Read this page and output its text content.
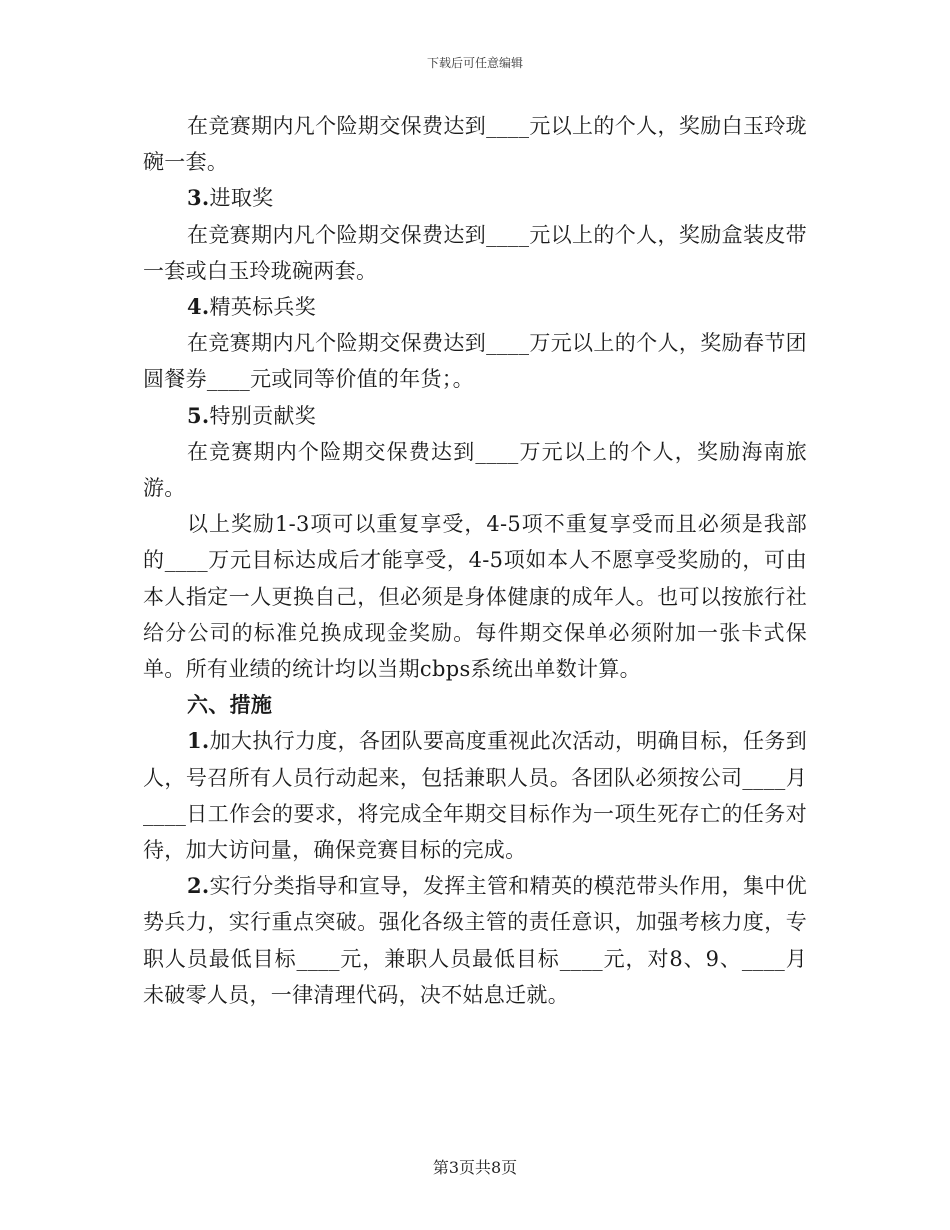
下载后可任意编辑

在竞赛期内凡个险期交保费达到____元以上的个人，奖励白玉玲珑碗一套。

3.进取奖

在竞赛期内凡个险期交保费达到____元以上的个人，奖励盒装皮带一套或白玉玲珑碗两套。

4.精英标兵奖

在竞赛期内凡个险期交保费达到____万元以上的个人，奖励春节团圆餐券____元或同等价值的年货；。

5.特别贡献奖

在竞赛期内个险期交保费达到____万元以上的个人，奖励海南旅游。

以上奖励1-3项可以重复享受，4-5项不重复享受而且必须是我部的____万元目标达成后才能享受，4-5项如本人不愿享受奖励的，可由本人指定一人更换自己，但必须是身体健康的成年人。也可以按旅行社给分公司的标准兑换成现金奖励。每件期交保单必须附加一张卡式保单。所有业绩的统计均以当期cbps系统出单数计算。

六、措施

1.加大执行力度，各团队要高度重视此次活动，明确目标，任务到人，号召所有人员行动起来，包括兼职人员。各团队必须按公司____月____日工作会的要求，将完成全年期交目标作为一项生死存亡的任务对待，加大访问量，确保竞赛目标的完成。

2.实行分类指导和宣导，发挥主管和精英的模范带头作用，集中优势兵力，实行重点突破。强化各级主管的责任意识，加强考核力度，专职人员最低目标____元，兼职人员最低目标____元，对8、9、____月未破零人员，一律清理代码，决不姑息迁就。

第3页共8页
